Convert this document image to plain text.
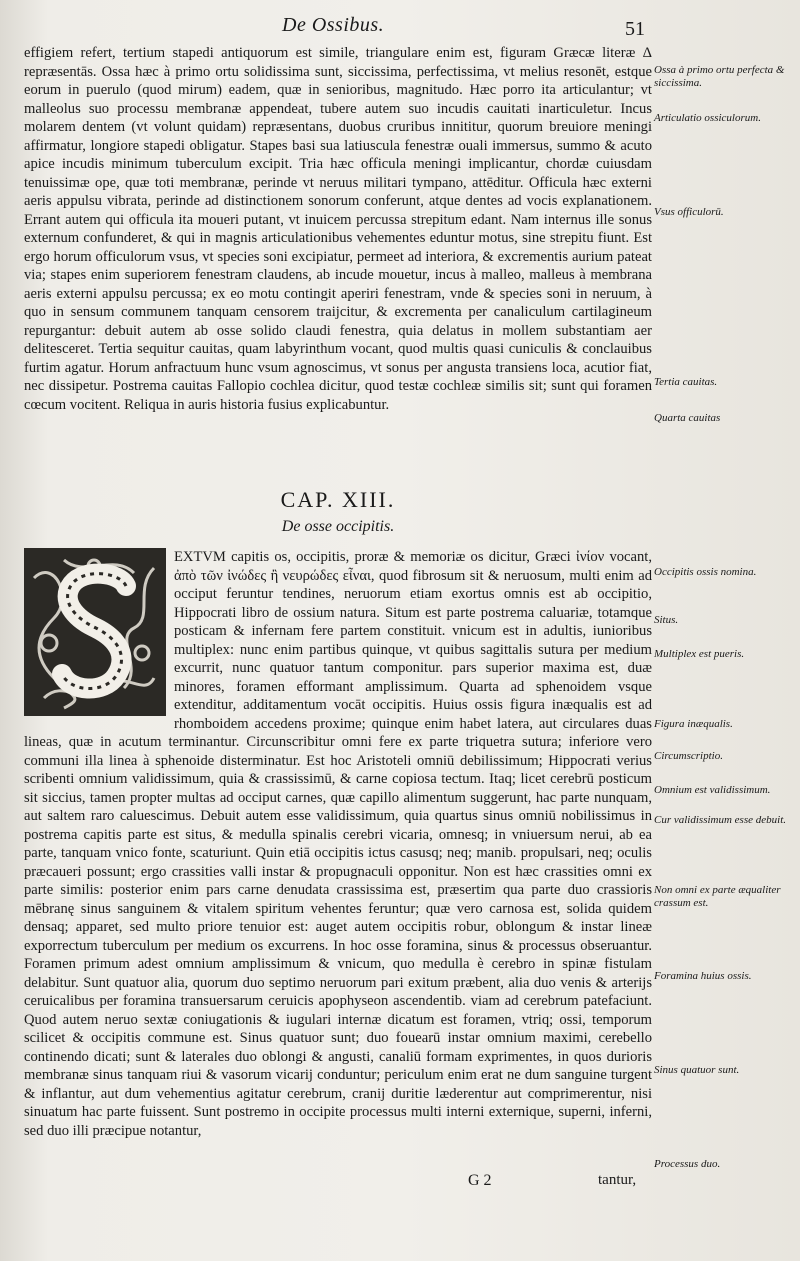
De Ossibus.	51

effigiem refert, tertium stapedi antiquorum est simile, triangulare enim est, figuram Græcæ literæ Δ repræsentās. Ossa hæc à primo ortu solidissima sunt, siccissima, perfectissima, vt melius resonēt, estque eorum in puerulo (quod mirum) eadem, quæ in senioribus, magnitudo. Hæc porro ita articulantur; vt malleolus suo processu membranæ appendeat, tubere autem suo incudis cauitati inarticuletur. Incus molarem dentem (vt volunt quidam) repræsentans, duobus cruribus innititur, quorum breuiore meningi affirmatur, longiore stapedi obligatur. Stapes basi sua latiuscula fenestræ ouali immersus, summo & acuto apice incudis minimum tuberculum excipit. Tria hæc officula meningi implicantur, chordæ cuiusdam tenuissimæ ope, quæ toti membranæ, perinde vt neruus militari tympano, attēditur. Officula hæc externi aeris appulsu vibrata, perinde ad distinctionem sonorum conferunt, atque dentes ad vocis explanationem. Errant autem qui officula ita moueri putant, vt inuicem percussa strepitum edant. Nam internus ille sonus externum confunderet, & qui in magnis articulationibus vehementes eduntur motus, sine strepitu fiunt. Est ergo horum officulorum vsus, vt species soni excipiatur, permeet ad interiora, & excrementis aurium pateat via; stapes enim superiorem fenestram claudens, ab incude mouetur, incus à malleo, malleus à membrana aeris externi appulsu percussa; ex eo motu contingit aperiri fenestram, vnde & species soni in neruum, à quo in sensum communem tanquam censorem traijcitur, & excrementa per canaliculum cartilagineum repurgantur: debuit autem ab osse solido claudi fenestra, quia delatus in mollem substantiam aer delitesceret. Tertia sequitur cauitas, quam labyrinthum vocant, quod multis quasi cuniculis & conclauibus furtim agatur. Horum anfractuum hunc vsum agnoscimus, vt sonus per angusta transiens loca, acutior fiat, nec dissipetur. Postrema cauitas Fallopio cochlea dicitur, quod testæ cochleæ similis sit; sunt qui foramen cœcum vocitent. Reliqua in auris historia fusius explicabuntur.

CAP. XIII.
De osse occipitis.

EXTVM capitis os, occipitis, proræ & memoriæ os dicitur, Græci ἰνίον vocant, ἀπὸ τῶν ἰνώδες ἢ νευρώδες εἶναι, quod fibrosum sit & neruosum, multi enim ad occiput feruntur tendines, neruorum etiam exortus omnis est ab occipitio, Hippocrati libro de ossium natura. Situm est parte postrema caluariæ, totamque posticam & infernam fere partem constituit. vnicum est in adultis, iunioribus multiplex: nunc enim partibus quinque, vt quibus sagittalis sutura per medium excurrit, nunc quatuor tantum componitur. pars superior maxima est, duæ minores, foramen efformant amplissimum. Quarta ad sphenoidem vsque extenditur, additamentum vocāt occipitis. Huius ossis figura inæqualis est ad rhomboidem accedens proxime; quinque enim habet latera, aut circulares duas lineas, quæ in acutum terminantur. Circunscribitur omni fere ex parte triquetra sutura; inferiore vero communi illa linea à sphenoide disterminatur. Est hoc Aristoteli omniū debilissimum; Hippocrati verius scribenti omnium validissimum, quia & crassissimū, & carne copiosa tectum. Itaq; licet cerebrū posticum sit siccius, tamen propter multas ad occiput carnes, quæ capillo alimentum suggerunt, hac parte nunquam, aut saltem raro caluescimus. Debuit autem esse validissimum, quia quartus sinus omniū nobilissimus in postrema capitis parte est situs, & medulla spinalis cerebri vicaria, omnesq; in vniuersum nerui, ab ea parte, tanquam vnico fonte, scaturiunt. Quin etiā occipitis ictus casusq; neq; manib. propulsari, neq; oculis præcaueri possunt; ergo crassities valli instar & propugnaculi opponitur. Non est hæc crassities omni ex parte similis: posterior enim pars carne denudata crassissima est, præsertim qua parte duo crassioris mēbranę sinus sanguinem & vitalem spiritum vehentes feruntur; quæ vero carnosa est, solida quidem densaq; apparet, sed multo priore tenuior est: auget autem occipitis robur, oblongum & instar lineæ exporrectum tuberculum per medium os excurrens. In hoc osse foramina, sinus & processus obseruantur. Foramen primum adest omnium amplissimum & vnicum, quo medulla è cerebro in spinæ fistulam delabitur. Sunt quatuor alia, quorum duo septimo neruorum pari exitum præbent, alia duo venis & arterijs ceruicalibus per foramina transuersarum ceruicis apophyseon ascendentib. viam ad cerebrum patefaciunt. Quod autem neruo sextæ coniugationis & iugulari internæ dicatum est foramen, vtriq; ossi, temporum scilicet & occipitis commune est. Sinus quatuor sunt; duo fouearū instar omnium maximi, cerebello continendo dicati; sunt & laterales duo oblongi & angusti, canaliū formam exprimentes, in quos durioris membranæ sinus tanquam riui & vasorum vicarij conduntur; periculum enim erat ne dum sanguine turgent & inflantur, aut dum vehementius agitatur cerebrum, cranij duritie læderentur aut comprimerentur, nisi sinuatum hac parte fuissent. Sunt postremo in occipite processus multi interni externique, superni, inferni, sed duo illi præcipue notantur,

Ossa à primo ortu perfecta & siccissima.
Articulatio ossiculorum.
Vsus officulorū.
Tertia cauitas.
Quarta cauitas
Occipitis ossis nomina.
Situs.
Multiplex est pueris.
Figura inæqualis.
Circumscriptio.
Omnium est validissimum.
Cur validissimum esse debuit.
Non omni ex parte æqualiter crassum est.
Foramina huius ossis.
Sinus quatuor sunt.
Processus duo.
G 2	tantur,
